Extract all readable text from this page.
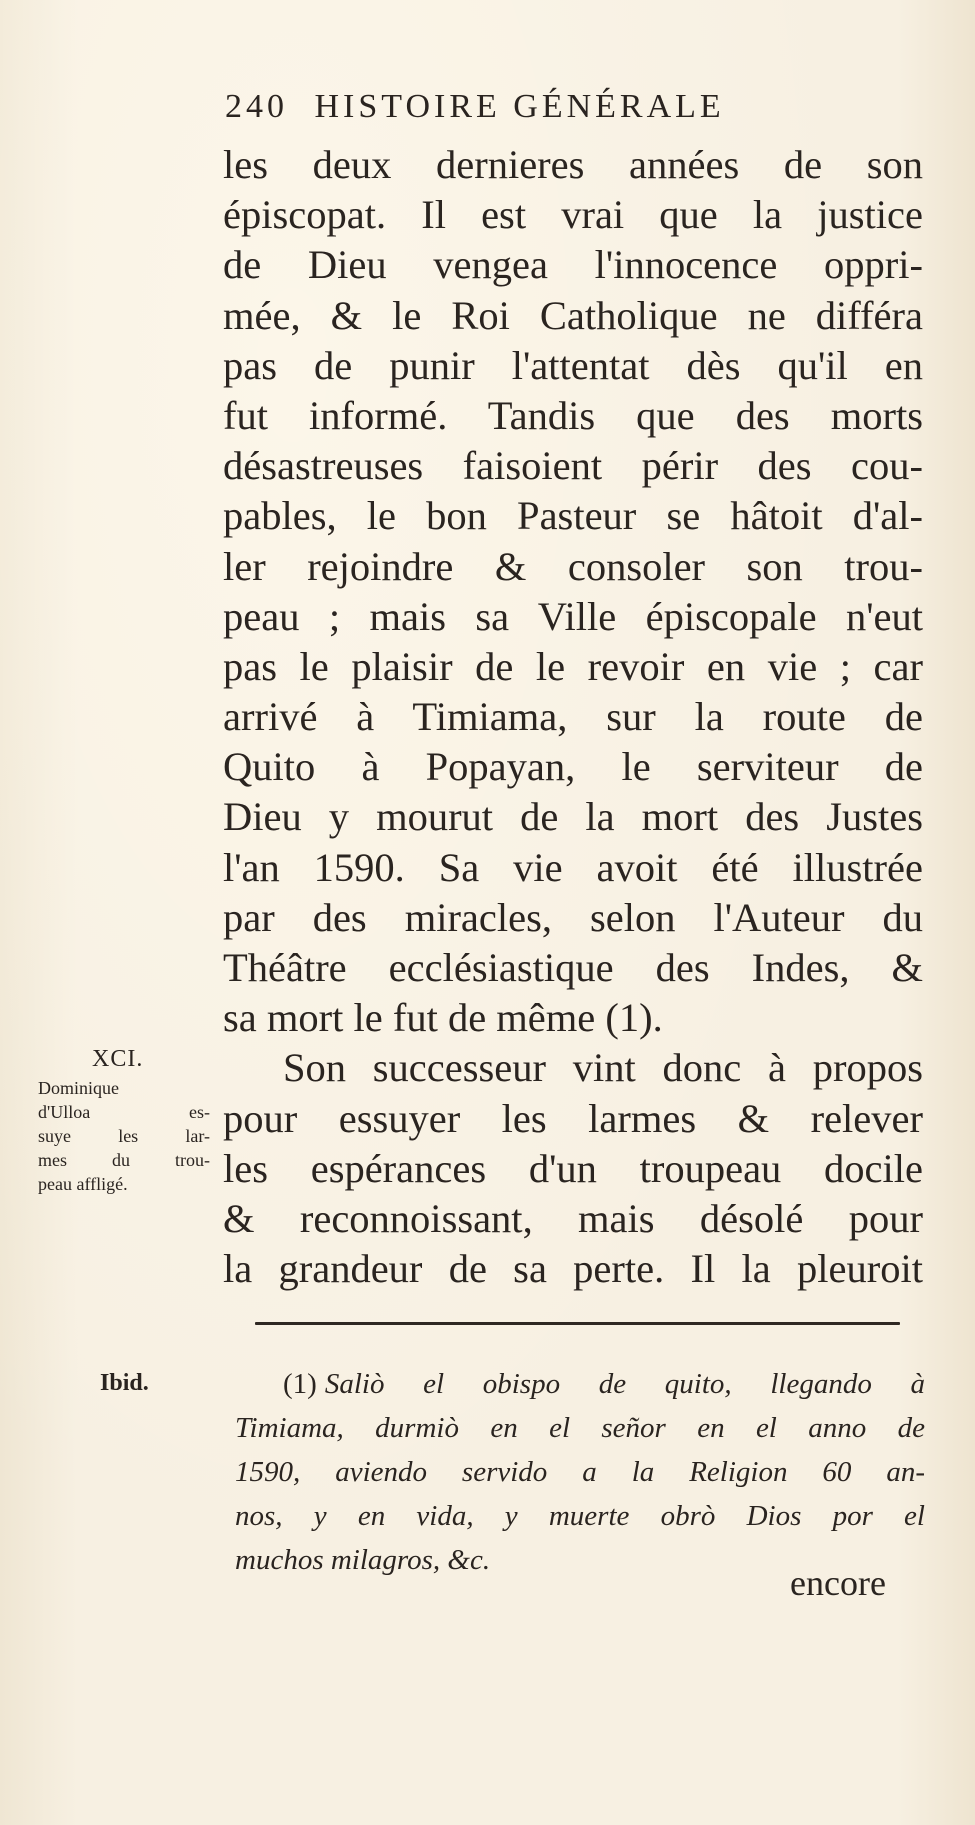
240 HISTOIRE GÉNÉRALE
les deux dernieres années de son
épiscopat. Il est vrai que la justice
de Dieu vengea l'innocence oppri-
mée, & le Roi Catholique ne différa
pas de punir l'attentat dès qu'il en
fut informé. Tandis que des morts
désastreuses faisoient périr des cou-
pables, le bon Pasteur se hâtoit d'al-
ler rejoindre & consoler son trou-
peau ; mais sa Ville épiscopale n'eut
pas le plaisir de le revoir en vie ; car
arrivé à Timiama, sur la route de
Quito à Popayan, le serviteur de
Dieu y mourut de la mort des Justes
l'an 1590. Sa vie avoit été illustrée
par des miracles, selon l'Auteur du
Théâtre ecclésiastique des Indes, &
sa mort le fut de même (1).
Son successeur vint donc à propos
pour essuyer les larmes & relever
les espérances d'un troupeau docile
& reconnoissant, mais désolé pour
la grandeur de sa perte. Il la pleuroit
XCI.
Dominique
d'Ulloa es-
suye les lar-
mes du trou-
peau affligé.
Ibid.	(1) Saliò el obispo de quito, llegando à
Timiama, durmiò en el señor en el anno de
1590, aviendo servido a la Religion 60 an-
nos, y en vida, y muerte obrò Dios por el
muchos milagros, &c.
encore
